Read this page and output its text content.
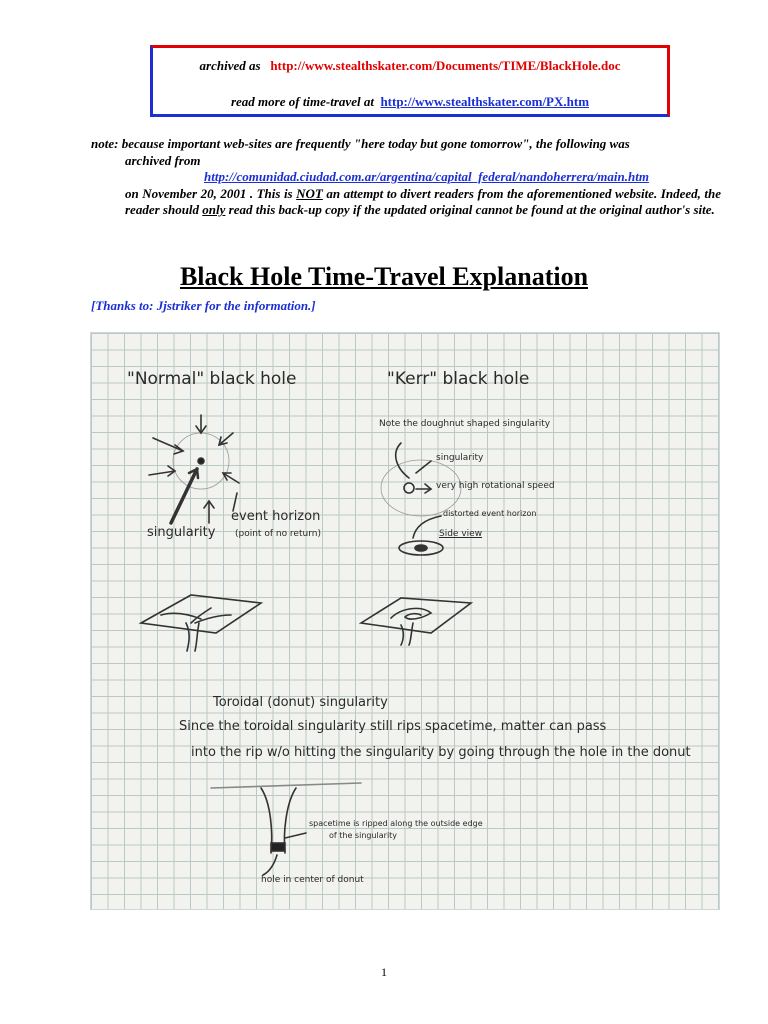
archived as http://www.stealthskater.com/Documents/TIME/BlackHole.doc
read more of time-travel at http://www.stealthskater.com/PX.htm

note: because important web-sites are frequently "here today but gone tomorrow", the following was

archived from

http://comunidad.ciudad.com.ar/argentina/capital_federal/nandoherrera/main.htm

on November 20, 2001 . This is NOT an attempt to divert readers from the aforementioned website. Indeed, the reader should only read this back-up copy if the updated original cannot be found at the original author's site.

Black Hole Time-Travel Explanation
[Thanks to: Jjstriker for the information.]
"Normal" black hole	"Kerr" black hole
Note the doughnut shaped singularity
singularity
event horizon
(point of no return)
singularity
very high rotational speed
distorted event horizon
Side view
Toroidal (donut) singularity
Since the toroidal singularity still rips spacetime, matter can pass
into the rip w/o hitting the singularity by going through the hole in the donut
spacetime is ripped along the outside edge
of the singularity
hole in center of donut
1
